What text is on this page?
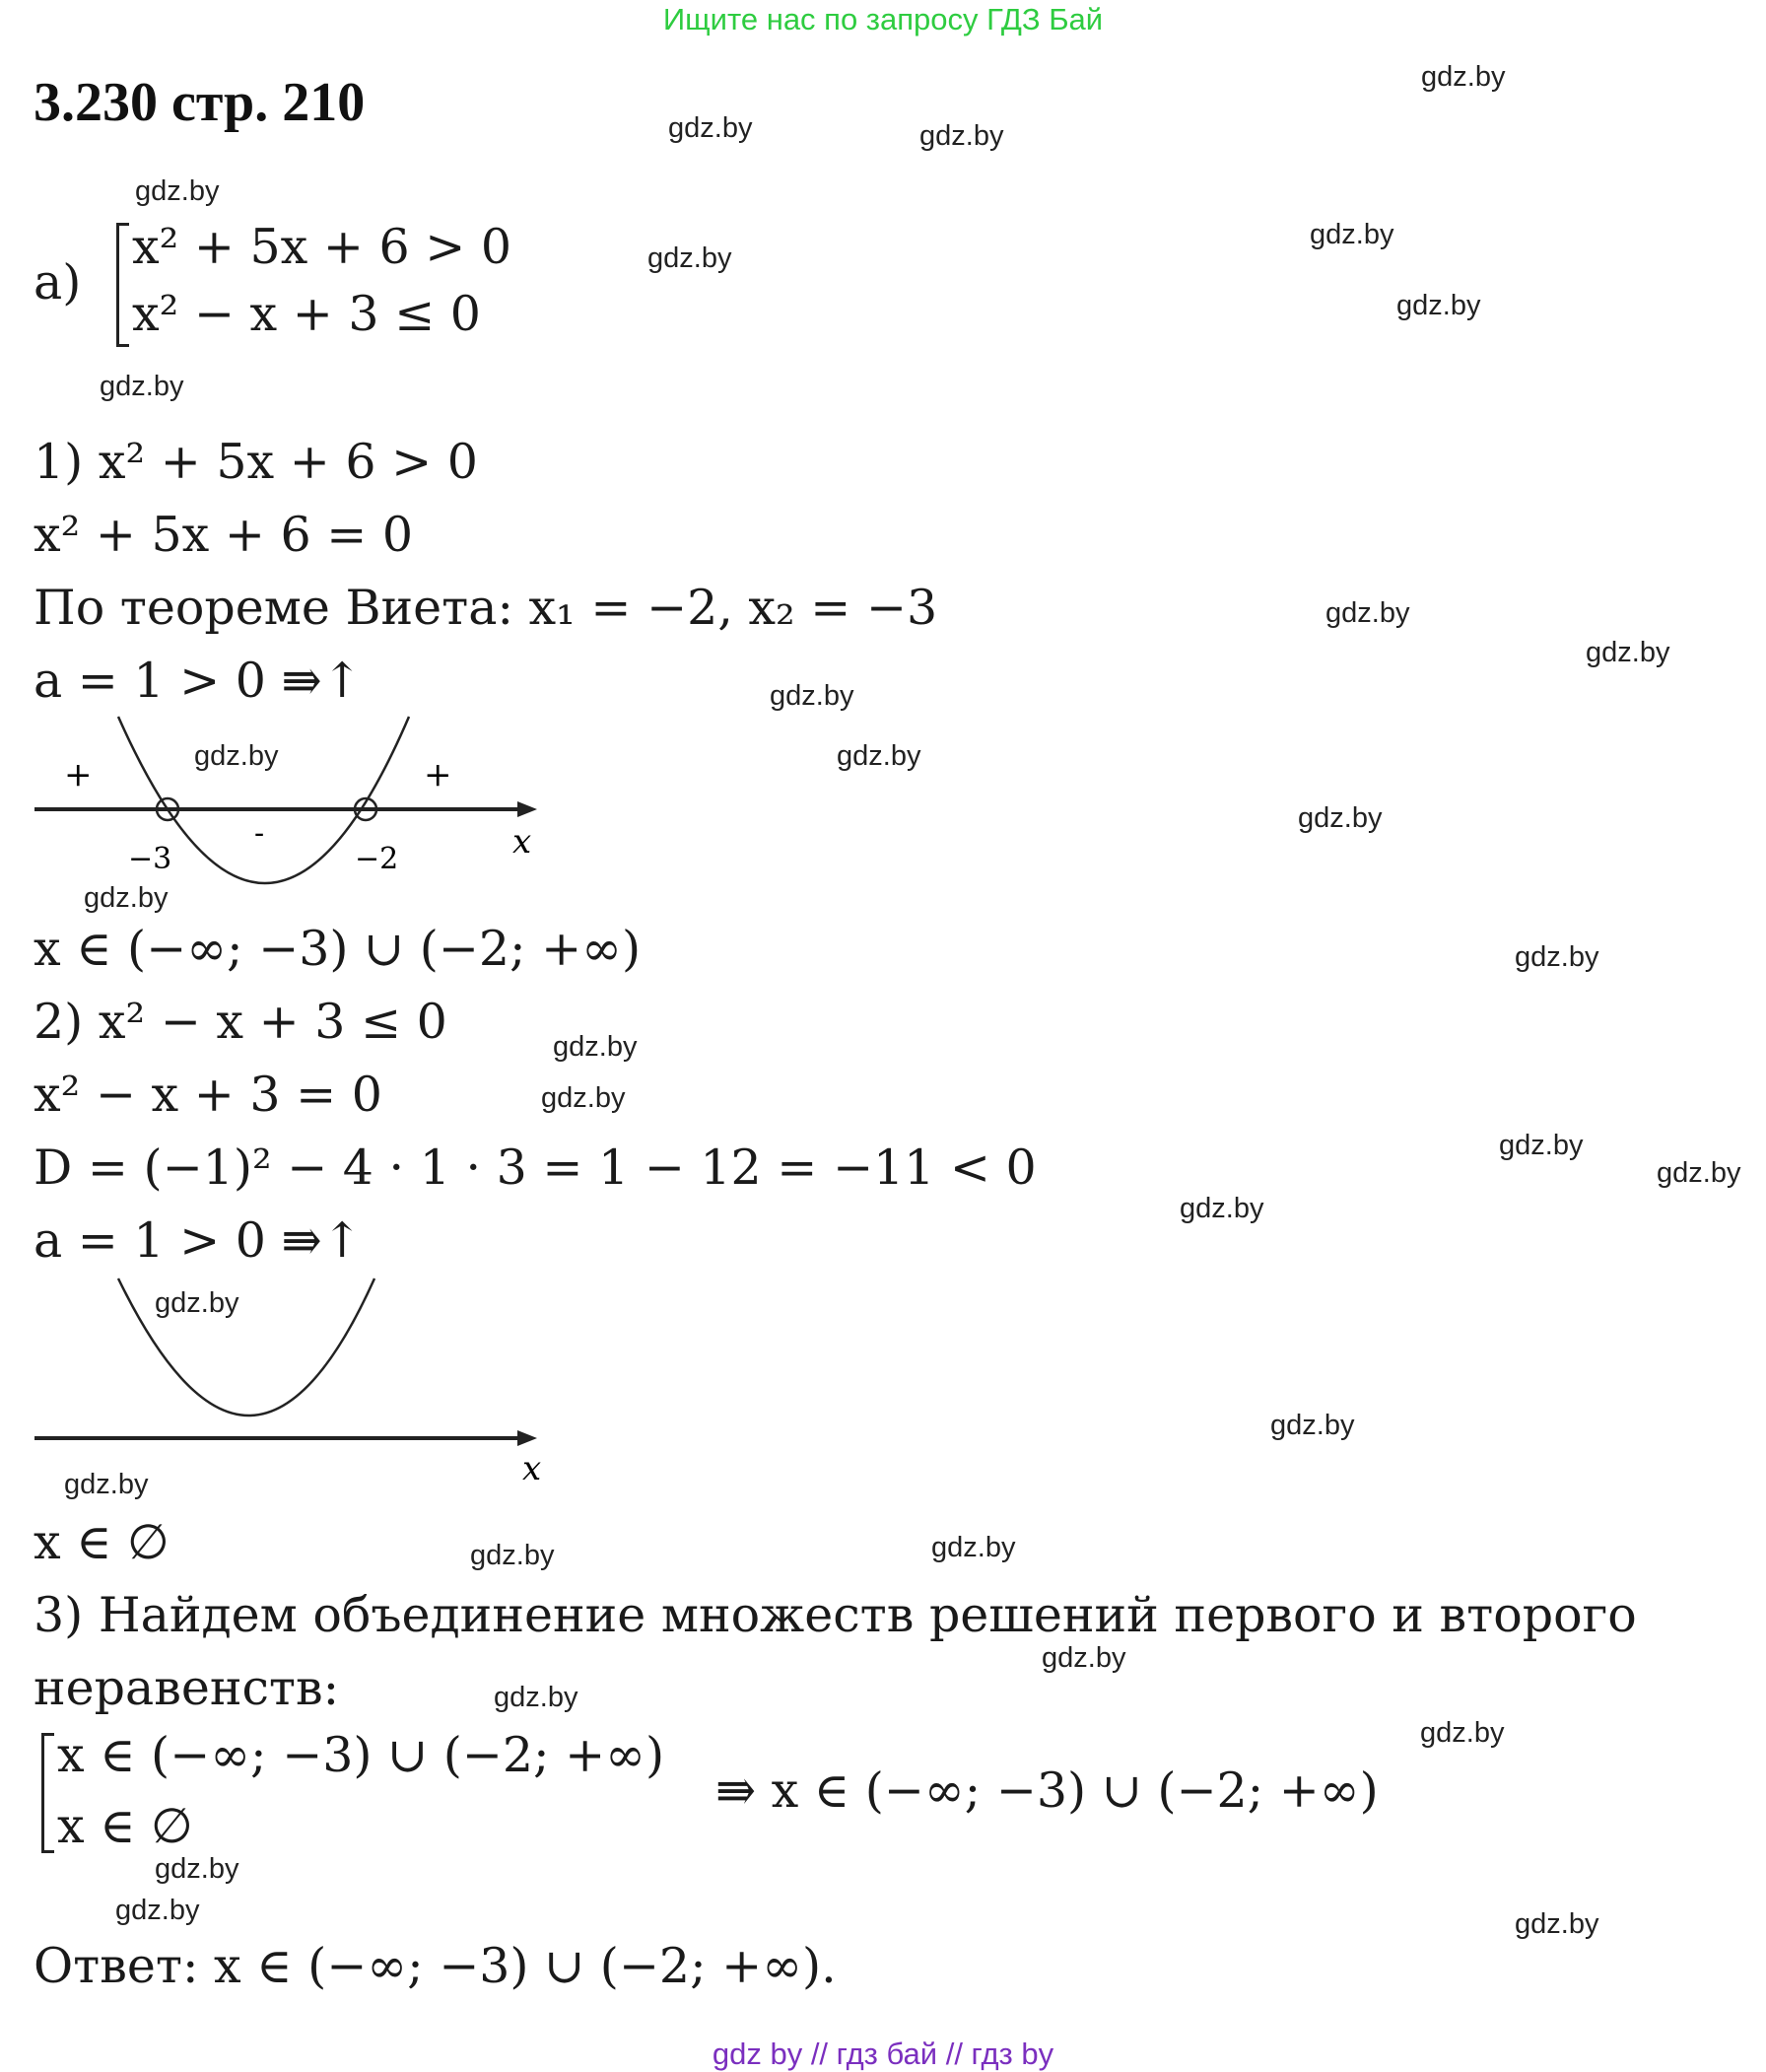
Ищите нас по запросу ГДЗ Бай
3.230 стр. 210
а)
x² + 5x + 6 > 0
x² − x + 3 ≤ 0
1) x² + 5x + 6 > 0
x² + 5x + 6 = 0
По теореме Виета: x₁ = −2, x₂ = −3
a = 1 > 0 ⇛↑
+	+
-
−3	−2	x
x ∈ (−∞; −3) ∪ (−2; +∞)
2) x² − x + 3 ≤ 0
x² − x + 3 = 0
D = (−1)² − 4 · 1 · 3 = 1 − 12 = −11 < 0
a = 1 > 0 ⇛↑
x
x ∈ ∅
3) Найдем объединение множеств решений первого и второго
неравенств:
x ∈ (−∞; −3) ∪ (−2; +∞)
x ∈ ∅
⇛ x ∈ (−∞; −3) ∪ (−2; +∞)
Ответ: x ∈ (−∞; −3) ∪ (−2; +∞).
gdz.by
gdz.by	gdz.by
gdz.by
gdz.by
gdz.by
gdz.by
gdz.by
gdz.by
gdz.by
gdz.by
gdz.by	gdz.by
gdz.by
gdz.by
gdz.by
gdz.by
gdz.by
gdz.by
gdz.by
gdz.by
gdz.by
gdz.by
gdz.by
gdz.by
gdz.by
gdz.by
gdz.by
gdz.by
gdz.by
gdz.by	gdz.by
gdz by // гдз бай // гдз by
